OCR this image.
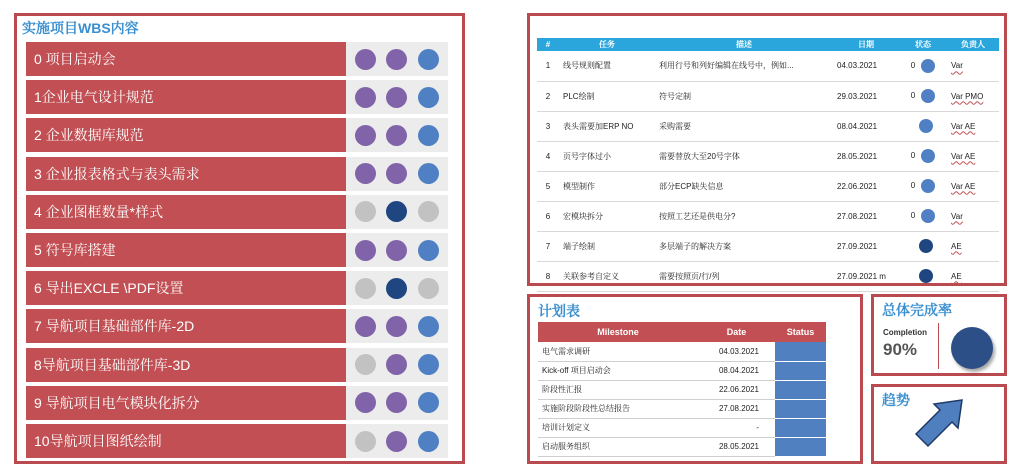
实施项目WBS内容
0 项目启动会
1企业电气设计规范
2 企业数据库规范
3 企业报表格式与表头需求
4 企业图框数量*样式
5 符号库搭建
6 导出EXCLE \PDF设置
7 导航项目基础部件库-2D
8导航项目基础部件库-3D
9 导航项目电气模块化拆分
10导航项目图纸绘制
#	任务	描述	日期	状态	负责人
1	线号规则配置	利用行号和列好编辑在线号中，例如...	04.03.2021	0	Var
2	PLC绘制	符号定制	29.03.2021	0	Var PMO
3	表头需要加ERP NO	采购需要	08.04.2021		Var AE
4	页号字体过小	需要替放大至20号字体	28.05.2021	0	Var AE
5	模型制作	部分ECP缺失信息	22.06.2021	0	Var AE
6	宏模块拆分	按照工艺还是供电分?	27.08.2021	0	Var
7	端子绘制	多层端子的解决方案	27.09.2021		AE
8	关联参考自定义	需要按照页/行/列	27.09.2021 m		AE
计划表
Milestone	Date	Status
电气需求调研	04.03.2021	
Kick-off 项目启动会	08.04.2021	
阶段性汇报	22.06.2021	
实施阶段阶段性总结报告	27.08.2021	
培训计划定义	-	
启动服务组织	28.05.2021	
总体完成率
Completion
90%
趋势
